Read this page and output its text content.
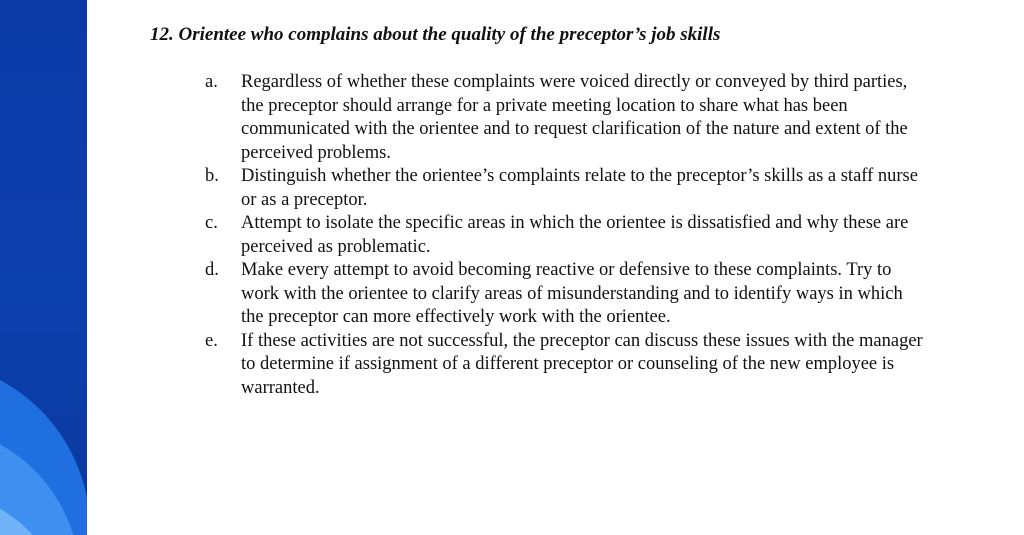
12. Orientee who complains about the quality of the preceptor’s job skills
a.	Regardless of whether these complaints were voiced directly or conveyed by third parties, the preceptor should arrange for a private meeting location to share what has been communicated with the orientee and to request clarification of the nature and extent of the perceived problems.
b.	Distinguish whether the orientee’s complaints relate to the preceptor’s skills as a staff nurse or as a preceptor.
c.	Attempt to isolate the specific areas in which the orientee is dissatisfied and why these are perceived as problematic.
d.	Make every attempt to avoid becoming reactive or defensive to these complaints. Try to work with the orientee to clarify areas of misunderstanding and to identify ways in which the preceptor can more effectively work with the orientee.
e.	If these activities are not successful, the preceptor can discuss these issues with the manager to determine if assignment of a different preceptor or counseling of the new employee is warranted.
